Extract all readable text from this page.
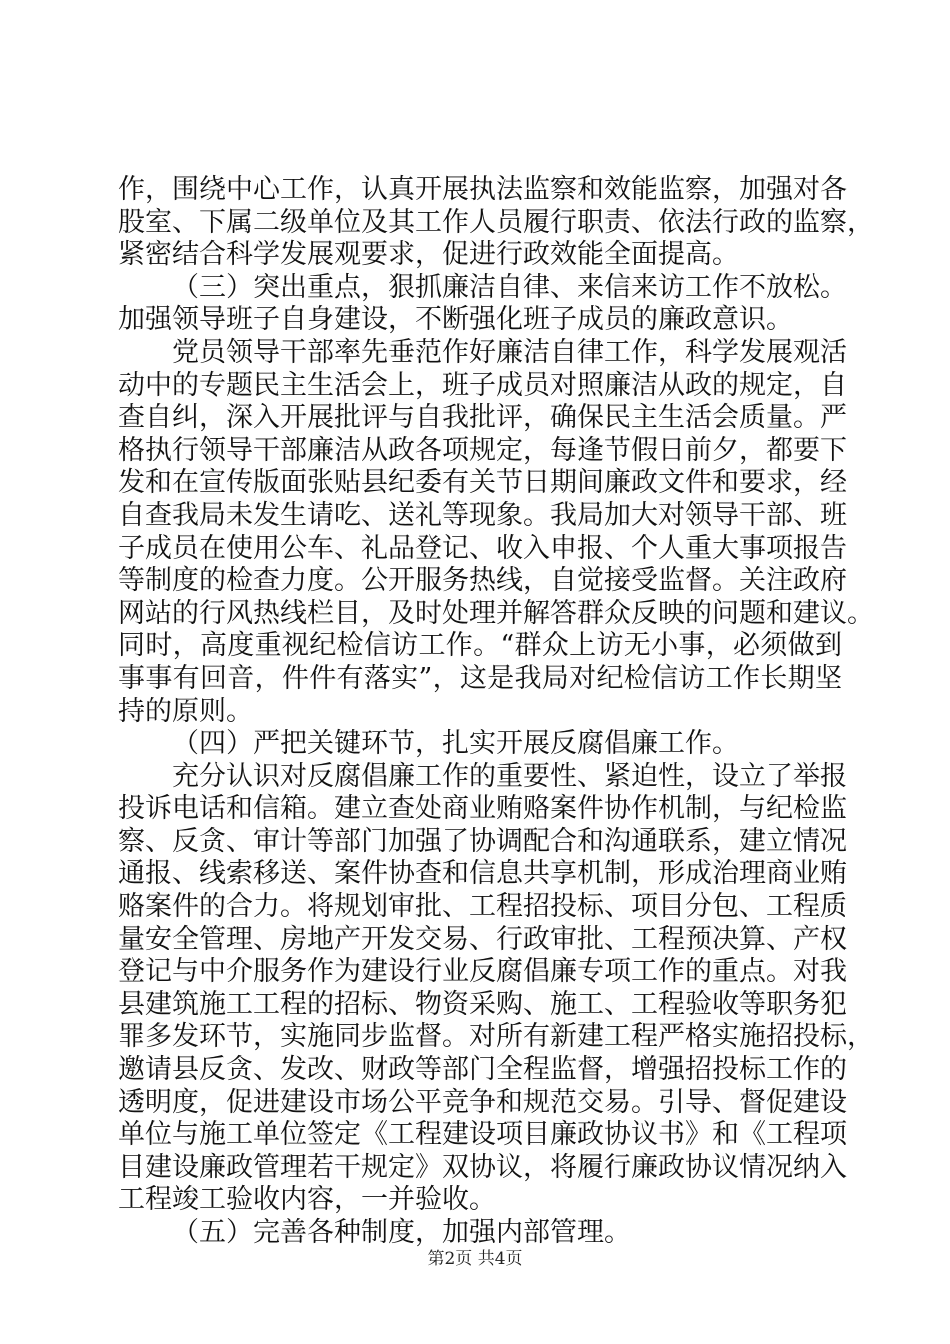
作，围绕中心工作，认真开展执法监察和效能监察，加强对各
股室、下属二级单位及其工作人员履行职责、依法行政的监察，
紧密结合科学发展观要求，促进行政效能全面提高。
（三）突出重点，狠抓廉洁自律、来信来访工作不放松。
加强领导班子自身建设，不断强化班子成员的廉政意识。
党员领导干部率先垂范作好廉洁自律工作，科学发展观活
动中的专题民主生活会上，班子成员对照廉洁从政的规定，自
查自纠，深入开展批评与自我批评，确保民主生活会质量。严
格执行领导干部廉洁从政各项规定，每逢节假日前夕，都要下
发和在宣传版面张贴县纪委有关节日期间廉政文件和要求，经
自查我局未发生请吃、送礼等现象。我局加大对领导干部、班
子成员在使用公车、礼品登记、收入申报、个人重大事项报告
等制度的检查力度。公开服务热线，自觉接受监督。关注政府
网站的行风热线栏目，及时处理并解答群众反映的问题和建议。
同时，高度重视纪检信访工作。“群众上访无小事，必须做到
事事有回音，件件有落实”，这是我局对纪检信访工作长期坚
持的原则。
（四）严把关键环节，扎实开展反腐倡廉工作。
充分认识对反腐倡廉工作的重要性、紧迫性，设立了举报
投诉电话和信箱。建立查处商业贿赂案件协作机制，与纪检监
察、反贪、审计等部门加强了协调配合和沟通联系，建立情况
通报、线索移送、案件协查和信息共享机制，形成治理商业贿
赂案件的合力。将规划审批、工程招投标、项目分包、工程质
量安全管理、房地产开发交易、行政审批、工程预决算、产权
登记与中介服务作为建设行业反腐倡廉专项工作的重点。对我
县建筑施工工程的招标、物资采购、施工、工程验收等职务犯
罪多发环节，实施同步监督。对所有新建工程严格实施招投标，
邀请县反贪、发改、财政等部门全程监督，增强招投标工作的
透明度，促进建设市场公平竞争和规范交易。引导、督促建设
单位与施工单位签定《工程建设项目廉政协议书》和《工程项
目建设廉政管理若干规定》双协议，将履行廉政协议情况纳入
工程竣工验收内容，一并验收。
（五）完善各种制度，加强内部管理。
第2页 共4页
